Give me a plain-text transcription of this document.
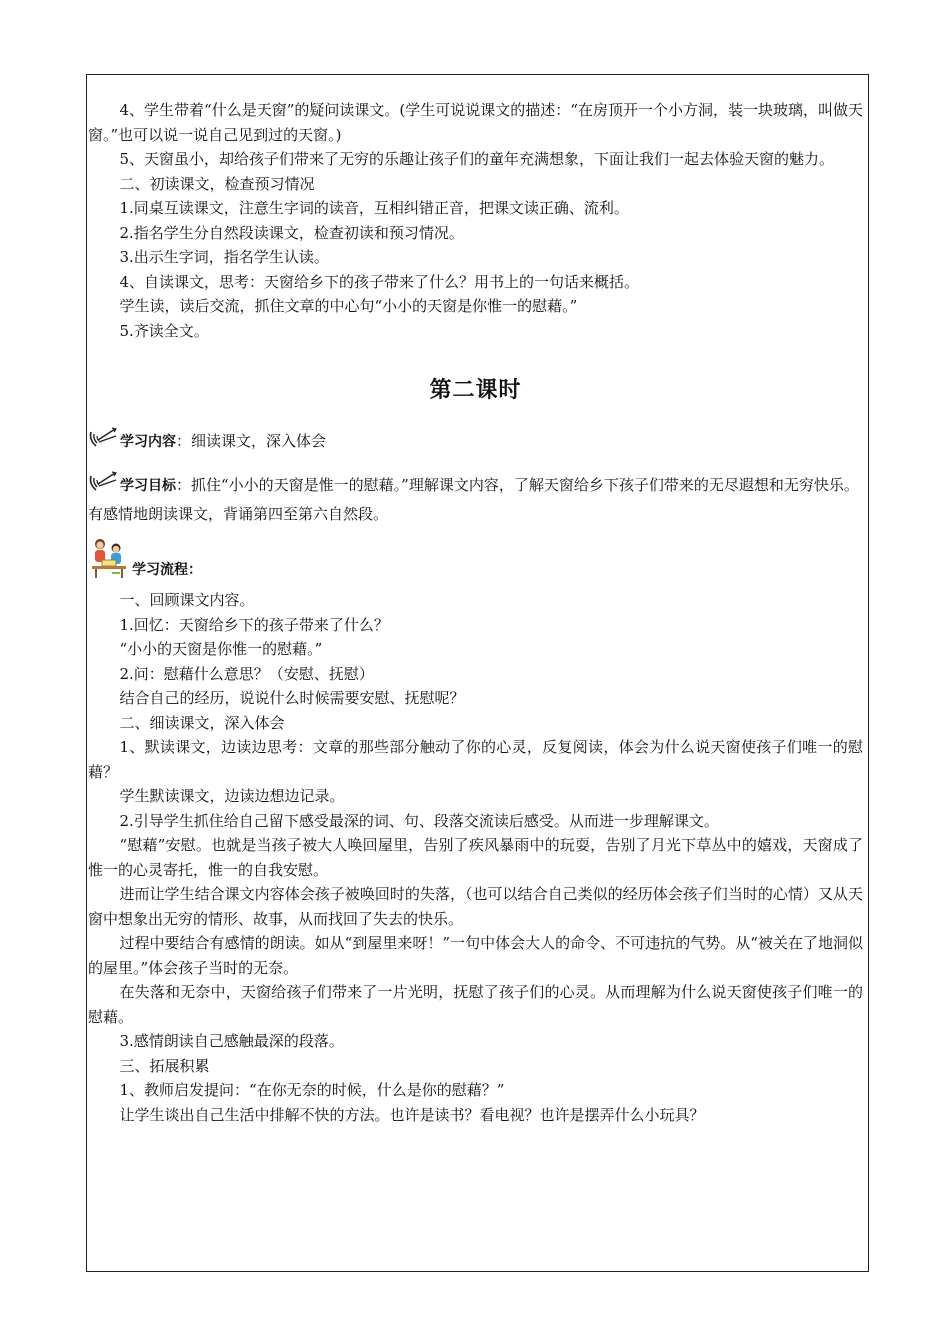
4、学生带着“什么是天窗”的疑问读课文。(学生可说说课文的描述：“在房顶开一个小方洞，装一块玻璃，叫做天窗。”也可以说一说自己见到过的天窗。)

5、天窗虽小，却给孩子们带来了无穷的乐趣让孩子们的童年充满想象，下面让我们一起去体验天窗的魅力。

二、初读课文，检查预习情况

1.同桌互读课文，注意生字词的读音，互相纠错正音，把课文读正确、流利。

2.指名学生分自然段读课文，检查初读和预习情况。

3.出示生字词，指名学生认读。

4、自读课文，思考：天窗给乡下的孩子带来了什么？用书上的一句话来概括。

学生读，读后交流，抓住文章的中心句“小小的天窗是你惟一的慰藉。”

5.齐读全文。

第二课时

学习内容：细读课文，深入体会

学习目标：抓住“小小的天窗是惟一的慰藉。”理解课文内容，了解天窗给乡下孩子们带来的无尽遐想和无穷快乐。有感情地朗读课文，背诵第四至第六自然段。

学习流程：

一、回顾课文内容。

1.回忆：天窗给乡下的孩子带来了什么？

“小小的天窗是你惟一的慰藉。”

2.问：慰藉什么意思？（安慰、抚慰）

结合自己的经历，说说什么时候需要安慰、抚慰呢？

二、细读课文，深入体会

1、默读课文，边读边思考：文章的那些部分触动了你的心灵，反复阅读，体会为什么说天窗使孩子们唯一的慰藉？

学生默读课文，边读边想边记录。

2.引导学生抓住给自己留下感受最深的词、句、段落交流读后感受。从而进一步理解课文。

“慰藉”安慰。也就是当孩子被大人唤回屋里，告别了疾风暴雨中的玩耍，告别了月光下草丛中的嬉戏，天窗成了惟一的心灵寄托，惟一的自我安慰。

进而让学生结合课文内容体会孩子被唤回时的失落，（也可以结合自己类似的经历体会孩子们当时的心情）又从天窗中想象出无穷的情形、故事，从而找回了失去的快乐。

过程中要结合有感情的朗读。如从“到屋里来呀！”一句中体会大人的命令、不可违抗的气势。从“被关在了地洞似的屋里。”体会孩子当时的无奈。

在失落和无奈中，天窗给孩子们带来了一片光明，抚慰了孩子们的心灵。从而理解为什么说天窗使孩子们唯一的慰藉。

3.感情朗读自己感触最深的段落。

三、拓展积累

1、教师启发提问：“在你无奈的时候，什么是你的慰藉？”

让学生谈出自己生活中排解不快的方法。也许是读书？看电视？也许是摆弄什么小玩具？
